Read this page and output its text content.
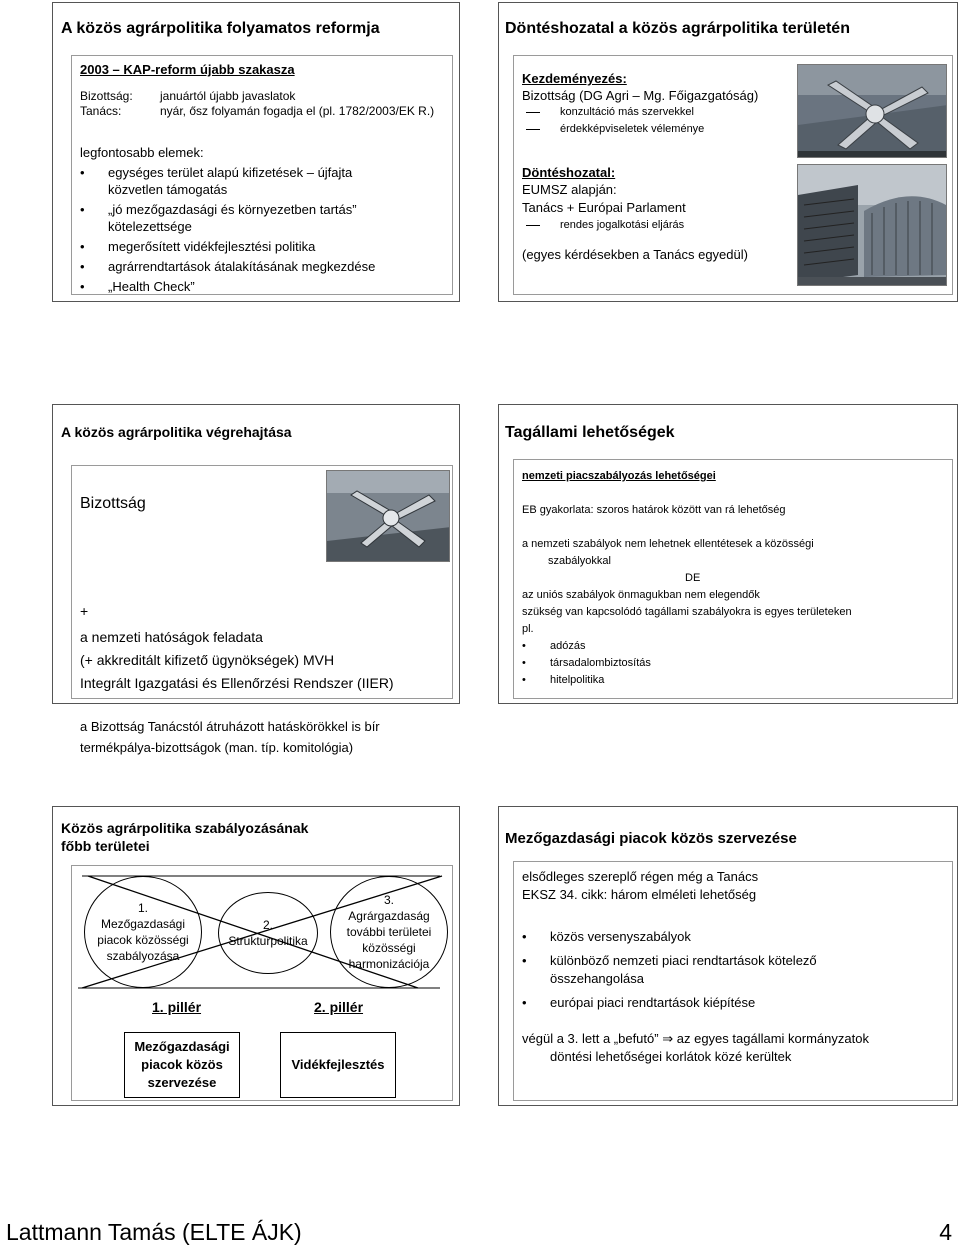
A közös agrárpolitika folyamatos reformja
2003 – KAP-reform újabb szakasza
Bizottság:	januártól újabb javaslatok
Tanács:	nyár, ősz folyamán fogadja el (pl. 1782/2003/EK R.)
legfontosabb elemek:
• egységes terület alapú kifizetések – újfajta közvetlen támogatás
• „jó mezőgazdasági és környezetben tartás” kötelezettsége
• megerősített vidékfejlesztési politika
• agrárrendtartások átalakításának megkezdése
• „Health Check”
Döntéshozatal a közös agrárpolitika területén
Kezdeményezés:
Bizottság (DG Agri – Mg. Főigazgatóság)
konzultáció más szervekkel
érdekképviseletek véleménye
Döntéshozatal:
EUMSZ alapján:
Tanács + Európai Parlament
rendes jogalkotási eljárás
(egyes kérdésekben a Tanács egyedül)
A közös agrárpolitika végrehajtása
Bizottság
+
a nemzeti hatóságok feladata
(+ akkreditált kifizető ügynökségek) MVH
Integrált Igazgatási és Ellenőrzési Rendszer (IIER)
a Bizottság Tanácstól átruházott hatáskörökkel is bír
termékpálya-bizottságok (man. típ. komitológia)
Tagállami lehetőségek
nemzeti piacszabályozás lehetőségei
EB gyakorlata: szoros határok között van rá lehetőség
a nemzeti szabályok nem lehetnek ellentétesek a közösségi
szabályokkal
DE
az uniós szabályok önmagukban nem elegendők
szükség van kapcsolódó tagállami szabályokra is egyes területeken
pl.
• adózás
• társadalombiztosítás
• hitelpolitika
Közös agrárpolitika szabályozásának
főbb területei
1.
Mezőgazdasági
piacok közösségi
szabályozása
2.
Strukturpolitika
3.
Agrárgazdaság
további területei
közösségi
harmonizációja
1. pillér	2. pillér
Mezőgazdasági
piacok közös
szervezése
Vidékfejlesztés
Mezőgazdasági piacok közös szervezése
elsődleges szereplő régen még a Tanács
EKSZ 34. cikk: három elméleti lehetőség
• közös versenyszabályok
• különböző nemzeti piaci rendtartások kötelező összehangolása
• európai piaci rendtartások kiépítése
végül a 3. lett a „befutó” ⇒ az egyes tagállami kormányzatok döntési lehetőségei korlátok közé kerültek
Lattmann Tamás (ELTE ÁJK)	4
